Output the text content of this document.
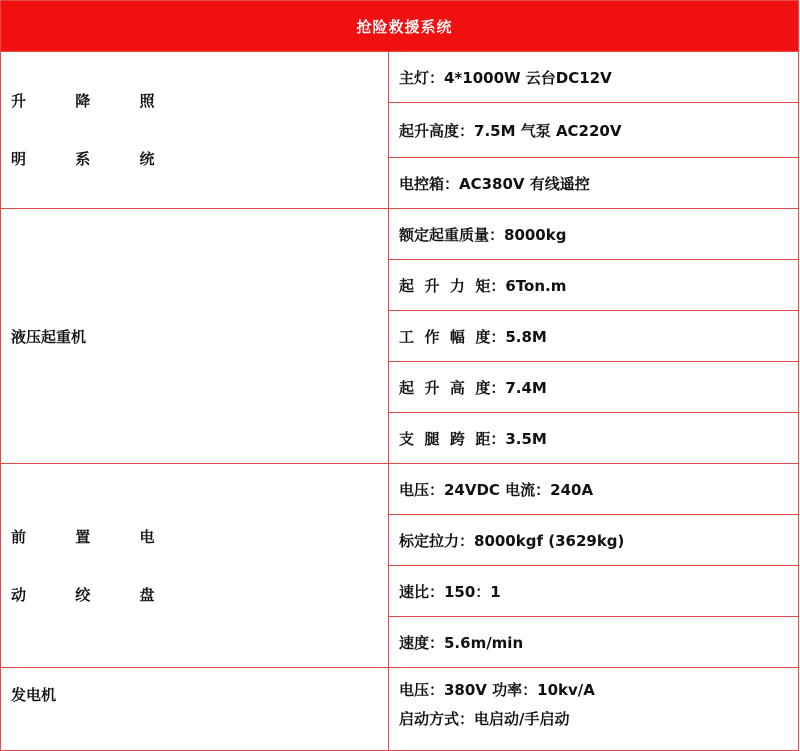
抢险救援系统	

升 降 照
明 系 统	主灯：4*1000W 云台DC12V
	起升高度：7.5M 气泵 AC220V
	电控箱：AC380V 有线遥控

液压起重机	额定起重质量：8000kg
	起  升  力  矩：6Ton.m
	工  作  幅  度：5.8M
	起  升  高  度：7.4M
	支  腿  跨  距：3.5M

前 置 电
动 绞 盘	电压：24VDC 电流：240A
	标定拉力：8000kgf (3629kg)
	速比：150：1
	速度：5.6m/min

发电机	电压：380V 功率：10kv/A
启动方式：电启动/手启动
